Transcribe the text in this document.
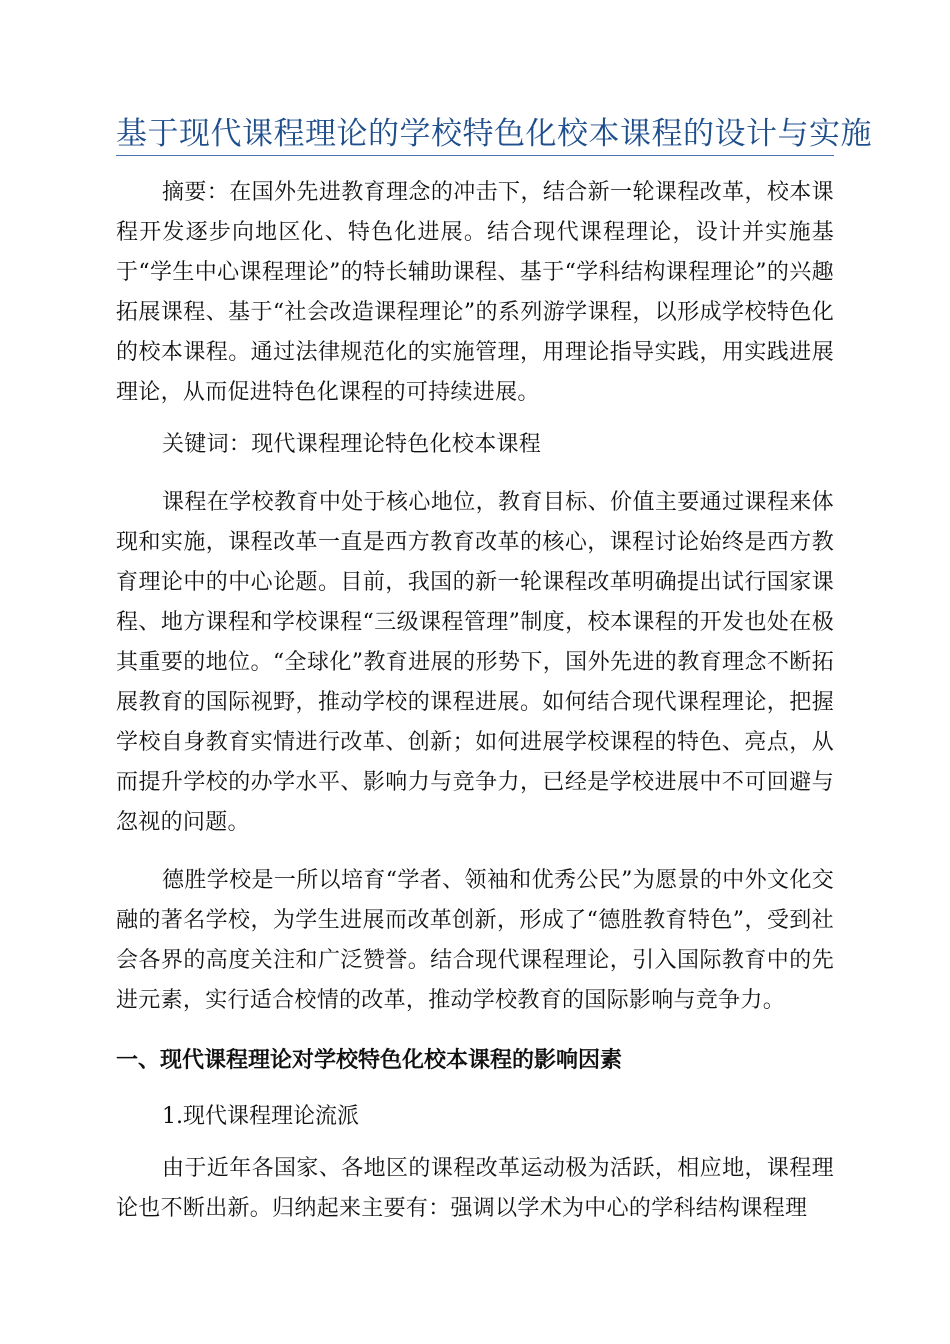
基于现代课程理论的学校特色化校本课程的设计与实施

摘要：在国外先进教育理念的冲击下，结合新一轮课程改革，校本课程开发逐步向地区化、特色化进展。结合现代课程理论，设计并实施基于“学生中心课程理论”的特长辅助课程、基于“学科结构课程理论”的兴趣拓展课程、基于“社会改造课程理论”的系列游学课程，以形成学校特色化的校本课程。通过法律规范化的实施管理，用理论指导实践，用实践进展理论，从而促进特色化课程的可持续进展。

关键词：现代课程理论特色化校本课程

课程在学校教育中处于核心地位，教育目标、价值主要通过课程来体现和实施，课程改革一直是西方教育改革的核心，课程讨论始终是西方教育理论中的中心论题。目前，我国的新一轮课程改革明确提出试行国家课程、地方课程和学校课程“三级课程管理”制度，校本课程的开发也处在极其重要的地位。“全球化”教育进展的形势下，国外先进的教育理念不断拓展教育的国际视野，推动学校的课程进展。如何结合现代课程理论，把握学校自身教育实情进行改革、创新；如何进展学校课程的特色、亮点，从而提升学校的办学水平、影响力与竞争力，已经是学校进展中不可回避与忽视的问题。

德胜学校是一所以培育“学者、领袖和优秀公民”为愿景的中外文化交融的著名学校，为学生进展而改革创新，形成了“德胜教育特色”，受到社会各界的高度关注和广泛赞誉。结合现代课程理论，引入国际教育中的先进元素，实行适合校情的改革，推动学校教育的国际影响与竞争力。

一、现代课程理论对学校特色化校本课程的影响因素
1.现代课程理论流派

由于近年各国家、各地区的课程改革运动极为活跃，相应地，课程理论也不断出新。归纳起来主要有：强调以学术为中心的学科结构课程理
